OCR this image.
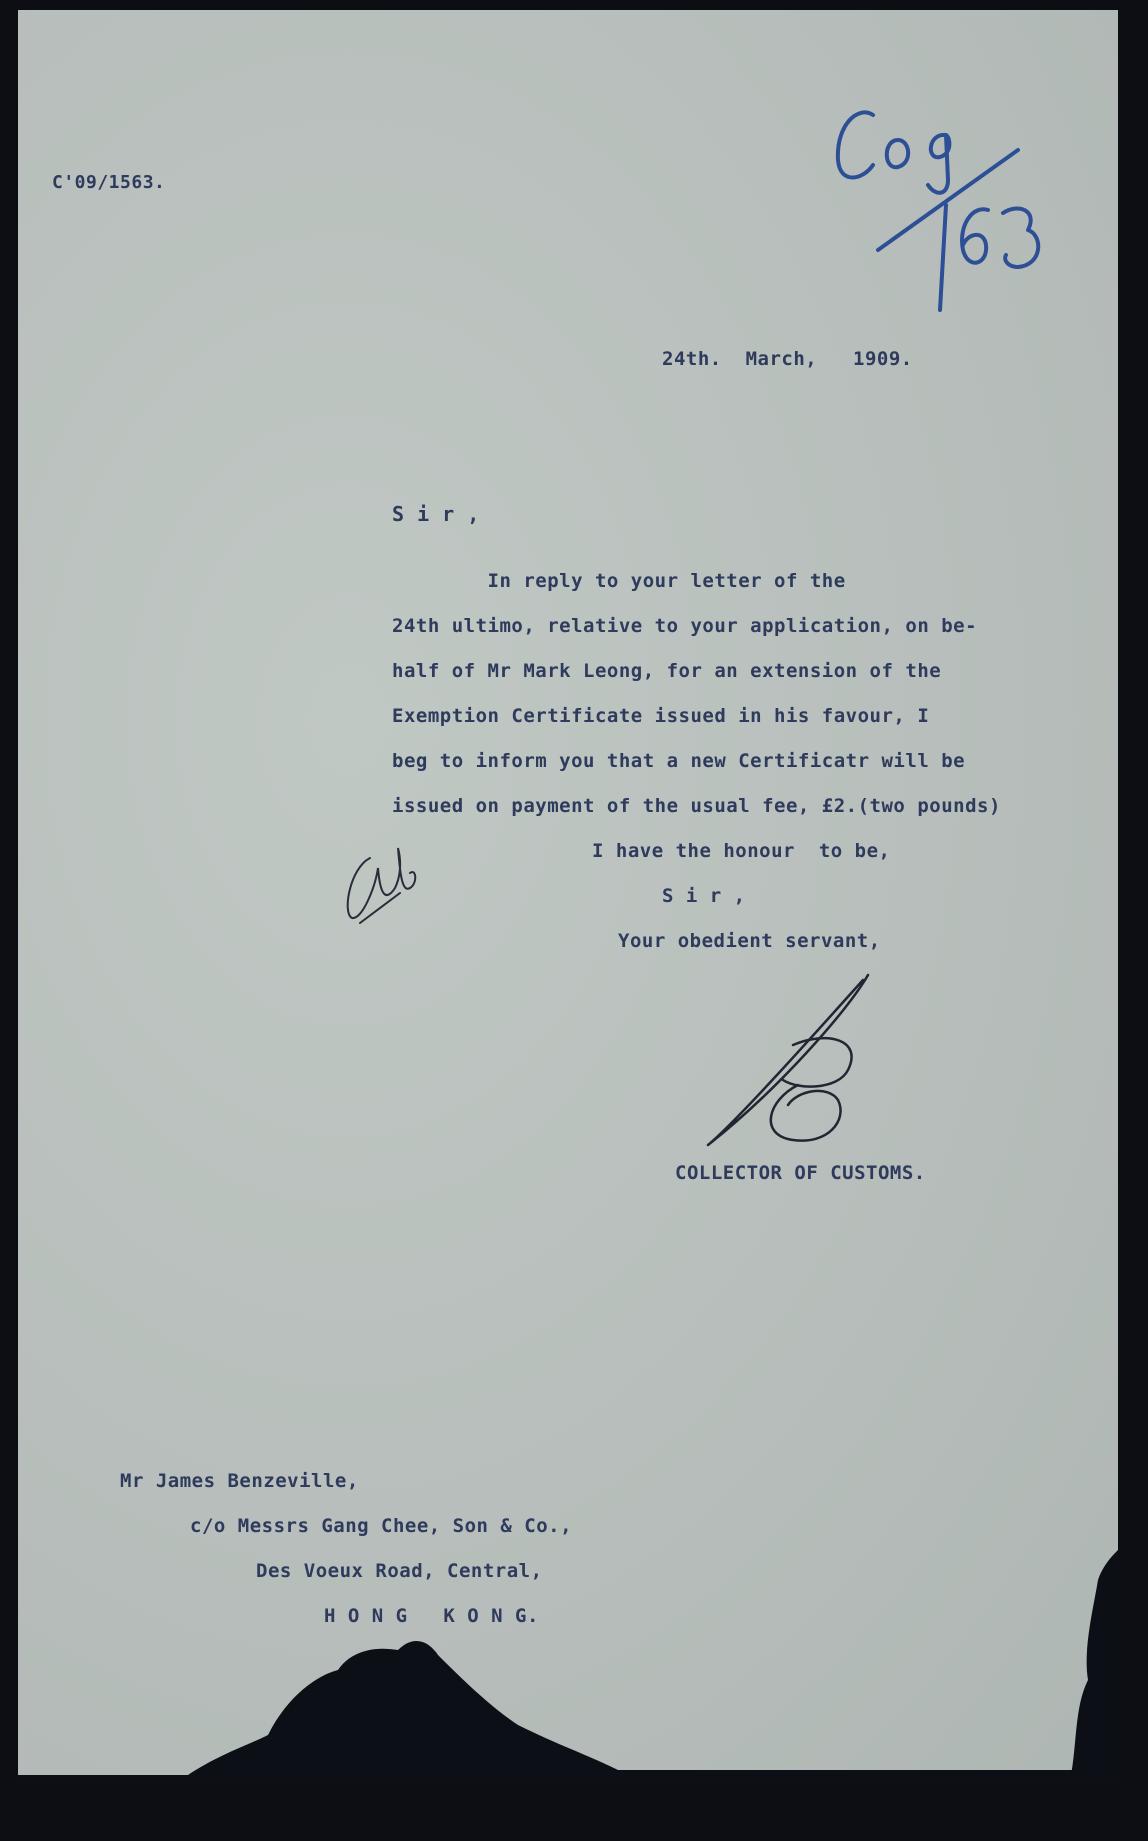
C'09/1563.
24th.  March,   1909.
S i r ,
In reply to your letter of the
24th ultimo, relative to your application, on be-
half of Mr Mark Leong, for an extension of the
Exemption Certificate issued in his favour, I
beg to inform you that a new Certificatr will be
issued on payment of the usual fee, £2.(two pounds)
I have the honour  to be,
S i r ,
Your obedient servant,
COLLECTOR OF CUSTOMS.
Mr James Benzeville,
c/o Messrs Gang Chee, Son & Co.,
Des Voeux Road, Central,
H O N G   K O N G.
